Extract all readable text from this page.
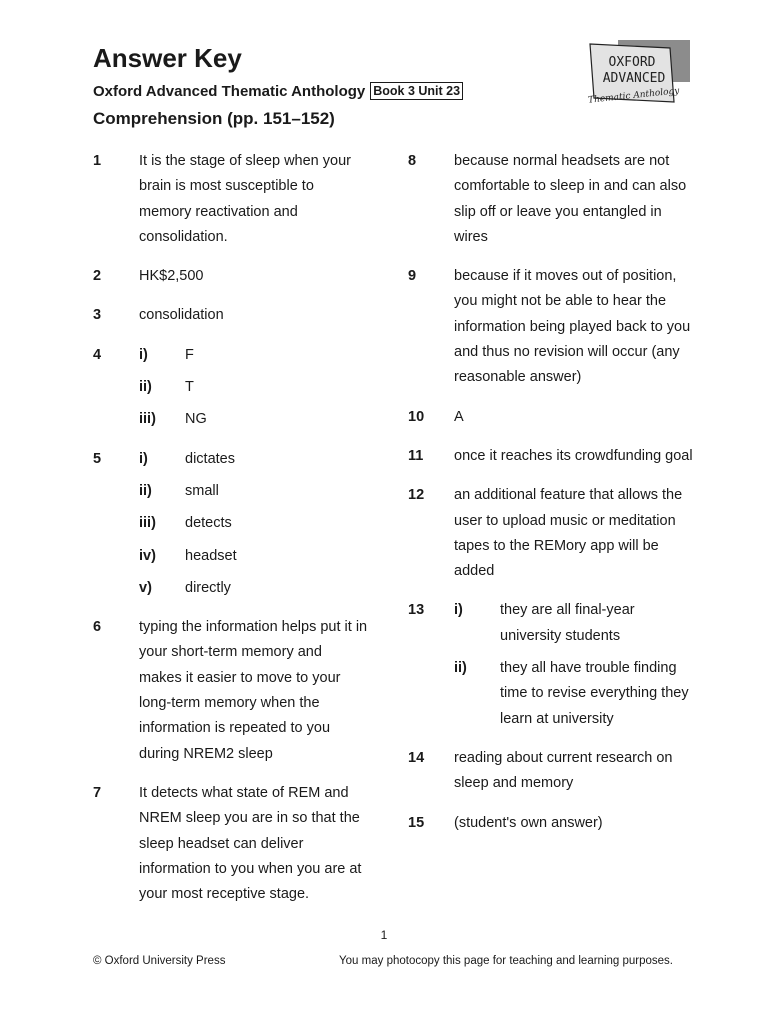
Answer Key
Oxford Advanced Thematic Anthology Book 3 Unit 23
Comprehension (pp. 151–152)
OXFORD
ADVANCED
Thematic Anthology
1	It is the stage of sleep when your brain is most susceptible to memory reactivation and consolidation.
2	HK$2,500
3	consolidation
4	i)	F
ii)	T
iii)	NG
5	i)	dictates
ii)	small
iii)	detects
iv)	headset
v)	directly
6	typing the information helps put it in your short-term memory and makes it easier to move to your long-term memory when the information is repeated to you during NREM2 sleep
7	It detects what state of REM and NREM sleep you are in so that the sleep headset can deliver information to you when you are at your most receptive stage.
8	because normal headsets are not comfortable to sleep in and can also slip off or leave you entangled in wires
9	because if it moves out of position, you might not be able to hear the information being played back to you and thus no revision will occur (any reasonable answer)
10	A
11	once it reaches its crowdfunding goal
12	an additional feature that allows the user to upload music or meditation tapes to the REMory app will be added
13	i)	they are all final-year university students
ii)	they all have trouble finding time to revise everything they learn at university
14	reading about current research on sleep and memory
15	(student's own answer)
1
© Oxford University Press	You may photocopy this page for teaching and learning purposes.
